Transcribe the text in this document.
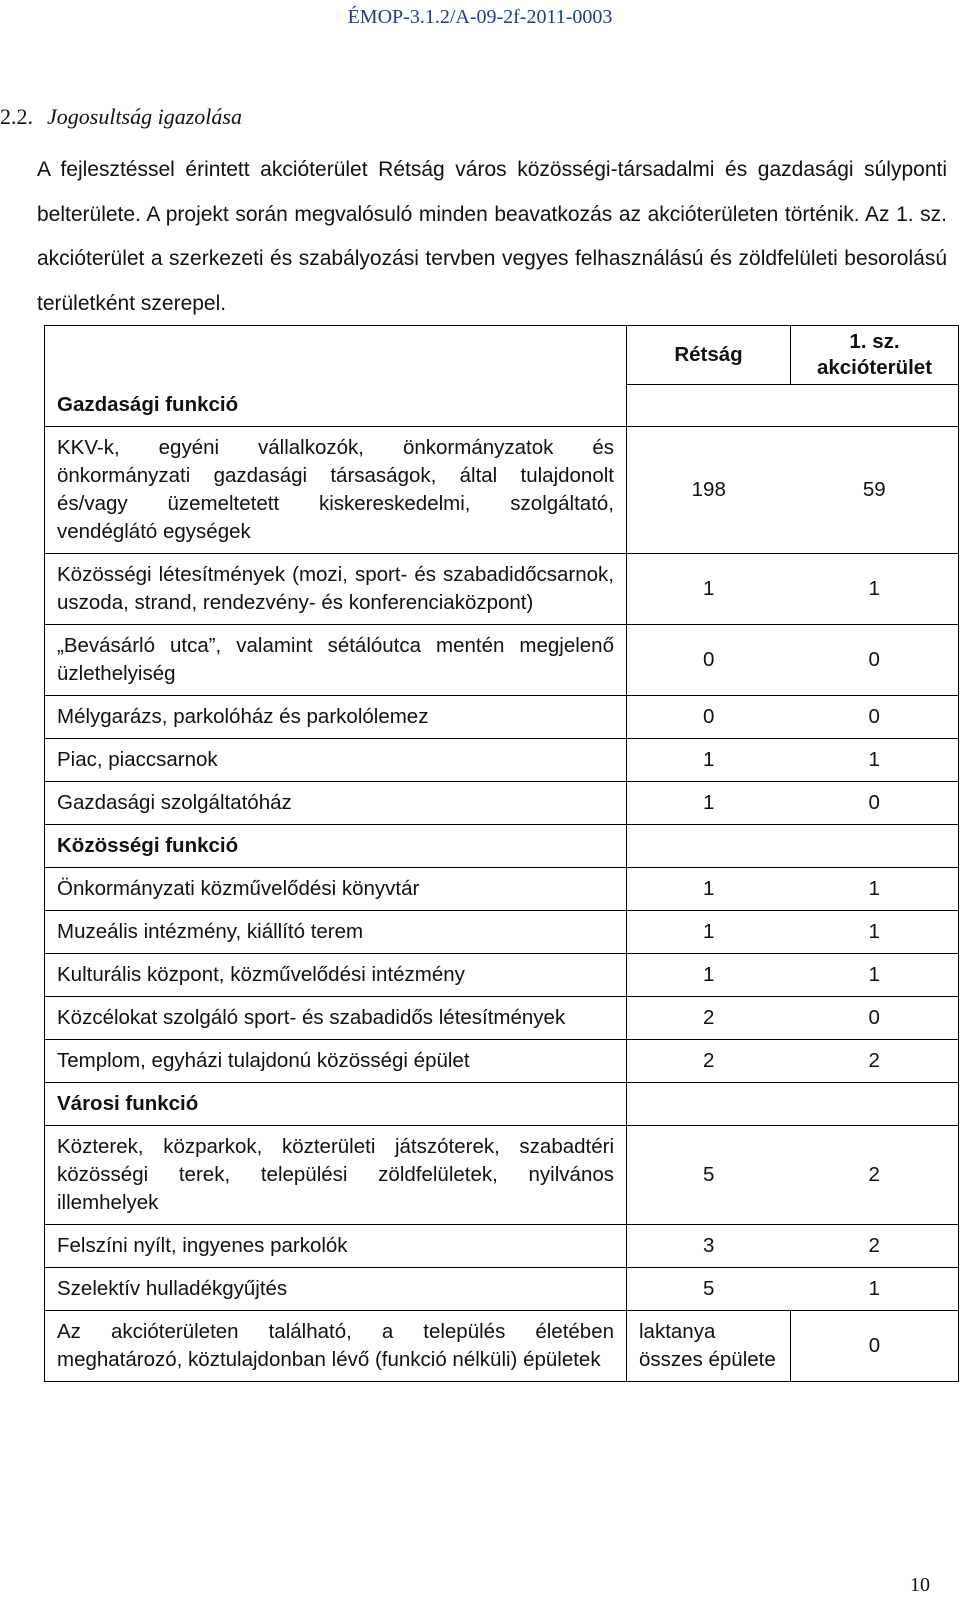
ÉMOP-3.1.2/A-09-2f-2011-0003
2.2. Jogosultság igazolása
A fejlesztéssel érintett akcióterület Rétság város közösségi-társadalmi és gazdasági súlyponti belterülete. A projekt során megvalósuló minden beavatkozás az akcióterületen történik. Az 1. sz. akcióterület a szerkezeti és szabályozási tervben vegyes felhasználású és zöldfelületi besorolású területként szerepel.
	Rétság	1. sz. akcióterület
Gazdasági funkció		
KKV-k, egyéni vállalkozók, önkormányzatok és önkormányzati gazdasági társaságok, által tulajdonolt és/vagy üzemeltetett kiskereskedelmi, szolgáltató, vendéglátó egységek	198	59
Közösségi létesítmények (mozi, sport- és szabadidőcsarnok, uszoda, strand, rendezvény- és konferenciaközpont)	1	1
„Bevásárló utca”, valamint sétálóutca mentén megjelenő üzlethelyiség	0	0
Mélygarázs, parkolóház és parkolólemez	0	0
Piac, piaccsarnok	1	1
Gazdasági szolgáltatóház	1	0
Közösségi funkció		
Önkormányzati közművelődési könyvtár	1	1
Muzeális intézmény, kiállító terem	1	1
Kulturális központ, közművelődési intézmény	1	1
Közcélokat szolgáló sport- és szabadidős létesítmények	2	0
Templom, egyházi tulajdonú közösségi épület	2	2
Városi funkció		
Közterek, közparkok, közterületi játszóterek, szabadtéri közösségi terek, települési zöldfelületek, nyilvános illemhelyek	5	2
Felszíni nyílt, ingyenes parkolók	3	2
Szelektív hulladékgyűjtés	5	1
Az akcióterületen található, a település életében meghatározó, köztulajdonban lévő (funkció nélküli) épületek	laktanya összes épülete	0
10
